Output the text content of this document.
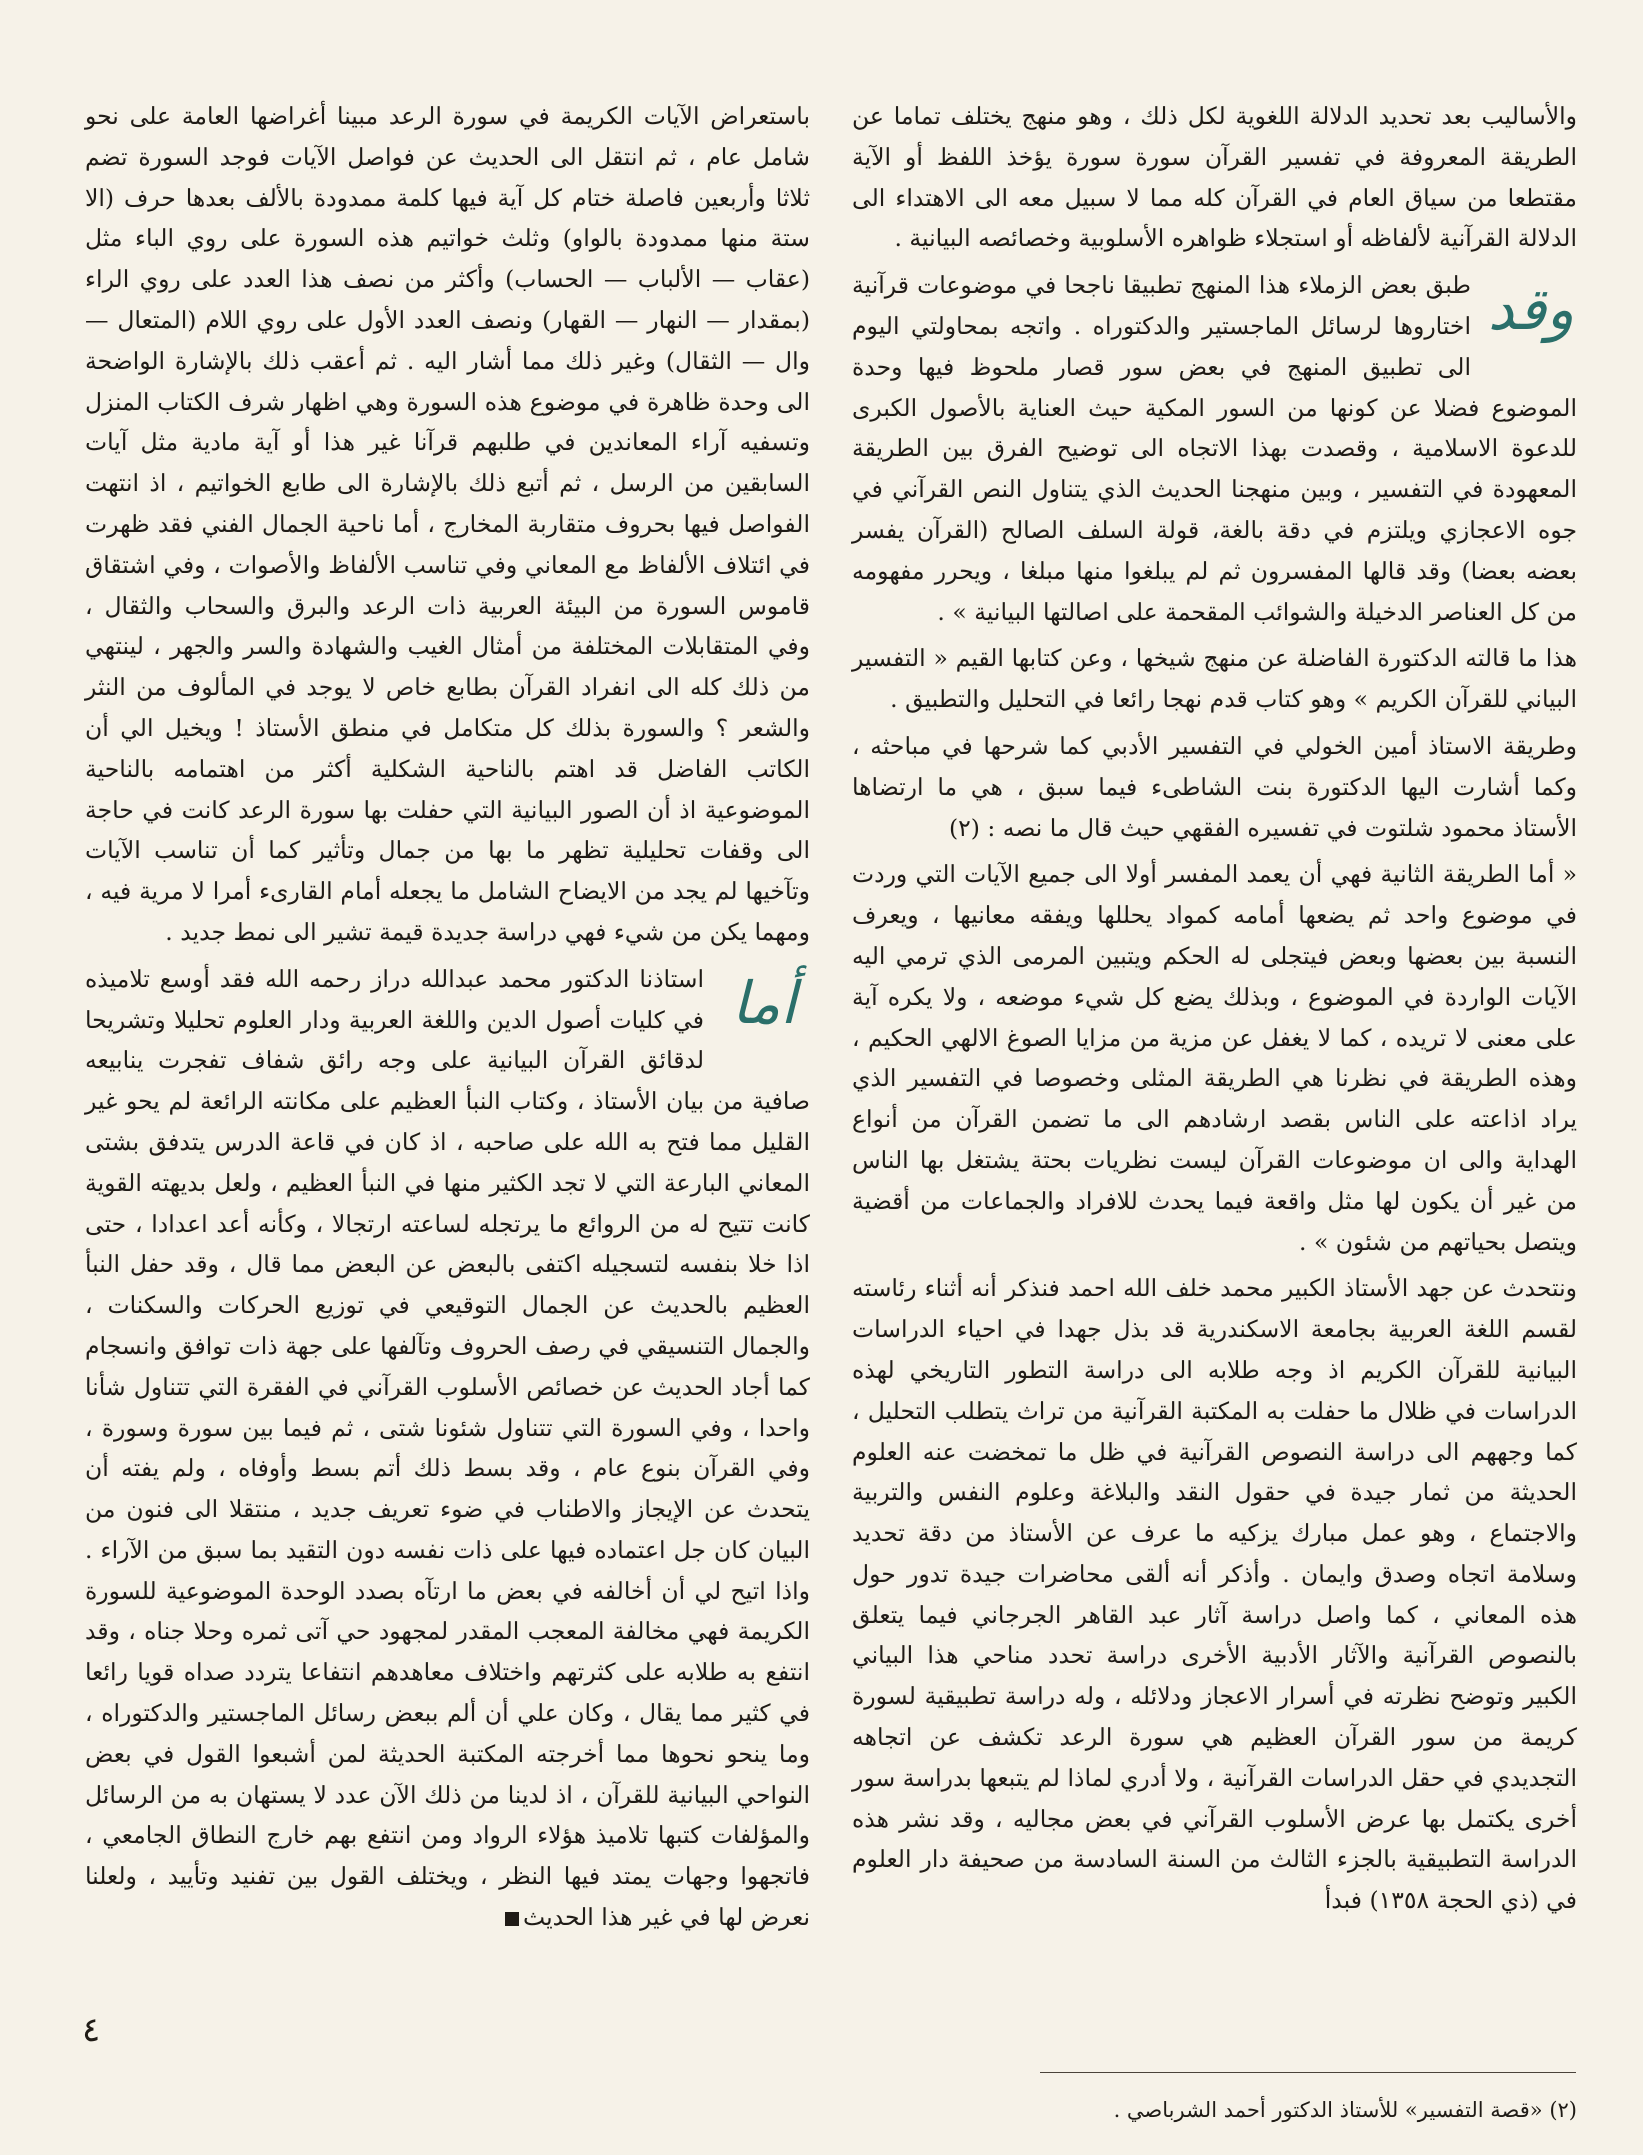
والأساليب بعد تحديد الدلالة اللغوية لكل ذلك ، وهو منهج يختلف تماما عن الطريقة المعروفة في تفسير القرآن سورة سورة يؤخذ اللفظ أو الآية مقتطعا من سياق العام في القرآن كله مما لا سبيل معه الى الاهتداء الى الدلالة القرآنية لألفاظه أو استجلاء ظواهره الأسلوبية وخصائصه البيانية .

وقد

طبق بعض الزملاء هذا المنهج تطبيقا ناجحا في موضوعات قرآنية اختاروها لرسائل الماجستير والدكتوراه . واتجه بمحاولتي اليوم الى تطبيق المنهج في بعض سور قصار ملحوظ فيها وحدة الموضوع فضلا عن كونها من السور المكية حيث العناية بالأصول الكبرى للدعوة الاسلامية ، وقصدت بهذا الاتجاه الى توضيح الفرق بين الطريقة المعهودة في التفسير ، وبين منهجنا الحديث الذي يتناول النص القرآني في جوه الاعجازي ويلتزم في دقة بالغة، قولة السلف الصالح (القرآن يفسر بعضه بعضا) وقد قالها المفسرون ثم لم يبلغوا منها مبلغا ، ويحرر مفهومه من كل العناصر الدخيلة والشوائب المقحمة على اصالتها البيانية » .

هذا ما قالته الدكتورة الفاضلة عن منهج شيخها ، وعن كتابها القيم « التفسير البياني للقرآن الكريم » وهو كتاب قدم نهجا رائعا في التحليل والتطبيق .

وطريقة الاستاذ أمين الخولي في التفسير الأدبي كما شرحها في مباحثه ، وكما أشارت اليها الدكتورة بنت الشاطىء فيما سبق ، هي ما ارتضاها الأستاذ محمود شلتوت في تفسيره الفقهي حيث قال ما نصه : (٢)

« أما الطريقة الثانية فهي أن يعمد المفسر أولا الى جميع الآيات التي وردت في موضوع واحد ثم يضعها أمامه كمواد يحللها ويفقه معانيها ، ويعرف النسبة بين بعضها وبعض فيتجلى له الحكم ويتبين المرمى الذي ترمي اليه الآيات الواردة في الموضوع ، وبذلك يضع كل شيء موضعه ، ولا يكره آية على معنى لا تريده ، كما لا يغفل عن مزية من مزايا الصوغ الالهي الحكيم ، وهذه الطريقة في نظرنا هي الطريقة المثلى وخصوصا في التفسير الذي يراد اذاعته على الناس بقصد ارشادهم الى ما تضمن القرآن من أنواع الهداية والى ان موضوعات القرآن ليست نظريات بحتة يشتغل بها الناس من غير أن يكون لها مثل واقعة فيما يحدث للافراد والجماعات من أقضية ويتصل بحياتهم من شئون » .

ونتحدث عن جهد الأستاذ الكبير محمد خلف الله احمد فنذكر أنه أثناء رئاسته لقسم اللغة العربية بجامعة الاسكندرية قد بذل جهدا في احياء الدراسات البيانية للقرآن الكريم اذ وجه طلابه الى دراسة التطور التاريخي لهذه الدراسات في ظلال ما حفلت به المكتبة القرآنية من تراث يتطلب التحليل ، كما وجههم الى دراسة النصوص القرآنية في ظل ما تمخضت عنه العلوم الحديثة من ثمار جيدة في حقول النقد والبلاغة وعلوم النفس والتربية والاجتماع ، وهو عمل مبارك يزكيه ما عرف عن الأستاذ من دقة تحديد وسلامة اتجاه وصدق وايمان . وأذكر أنه ألقى محاضرات جيدة تدور حول هذه المعاني ، كما واصل دراسة آثار عبد القاهر الجرجاني فيما يتعلق بالنصوص القرآنية والآثار الأدبية الأخرى دراسة تحدد مناحي هذا البياني الكبير وتوضح نظرته في أسرار الاعجاز ودلائله ، وله دراسة تطبيقية لسورة كريمة من سور القرآن العظيم هي سورة الرعد تكشف عن اتجاهه التجديدي في حقل الدراسات القرآنية ، ولا أدري لماذا لم يتبعها بدراسة سور أخرى يكتمل بها عرض الأسلوب القرآني في بعض مجاليه ، وقد نشر هذه الدراسة التطبيقية بالجزء الثالث من السنة السادسة من صحيفة دار العلوم في (ذي الحجة ١٣٥٨) فبدأ

باستعراض الآيات الكريمة في سورة الرعد مبينا أغراضها العامة على نحو شامل عام ، ثم انتقل الى الحديث عن فواصل الآيات فوجد السورة تضم ثلاثا وأربعين فاصلة ختام كل آية فيها كلمة ممدودة بالألف بعدها حرف (الا ستة منها ممدودة بالواو) وثلث خواتيم هذه السورة على روي الباء مثل (عقاب — الألباب — الحساب) وأكثر من نصف هذا العدد على روي الراء (بمقدار — النهار — القهار) ونصف العدد الأول على روي اللام (المتعال — وال — الثقال) وغير ذلك مما أشار اليه . ثم أعقب ذلك بالإشارة الواضحة الى وحدة ظاهرة في موضوع هذه السورة وهي اظهار شرف الكتاب المنزل وتسفيه آراء المعاندين في طلبهم قرآنا غير هذا أو آية مادية مثل آيات السابقين من الرسل ، ثم أتبع ذلك بالإشارة الى طابع الخواتيم ، اذ انتهت الفواصل فيها بحروف متقاربة المخارج ، أما ناحية الجمال الفني فقد ظهرت في ائتلاف الألفاظ مع المعاني وفي تناسب الألفاظ والأصوات ، وفي اشتقاق قاموس السورة من البيئة العربية ذات الرعد والبرق والسحاب والثقال ، وفي المتقابلات المختلفة من أمثال الغيب والشهادة والسر والجهر ، لينتهي من ذلك كله الى انفراد القرآن بطابع خاص لا يوجد في المألوف من النثر والشعر ؟ والسورة بذلك كل متكامل في منطق الأستاذ ! ويخيل الي أن الكاتب الفاضل قد اهتم بالناحية الشكلية أكثر من اهتمامه بالناحية الموضوعية اذ أن الصور البيانية التي حفلت بها سورة الرعد كانت في حاجة الى وقفات تحليلية تظهر ما بها من جمال وتأثير كما أن تناسب الآيات وتآخيها لم يجد من الايضاح الشامل ما يجعله أمام القارىء أمرا لا مرية فيه ، ومهما يكن من شيء فهي دراسة جديدة قيمة تشير الى نمط جديد .

أما

استاذنا الدكتور محمد عبدالله دراز رحمه الله فقد أوسع تلاميذه في كليات أصول الدين واللغة العربية ودار العلوم تحليلا وتشريحا لدقائق القرآن البيانية على وجه رائق شفاف تفجرت ينابيعه صافية من بيان الأستاذ ، وكتاب النبأ العظيم على مكانته الرائعة لم يحو غير القليل مما فتح به الله على صاحبه ، اذ كان في قاعة الدرس يتدفق بشتى المعاني البارعة التي لا تجد الكثير منها في النبأ العظيم ، ولعل بديهته القوية كانت تتيح له من الروائع ما يرتجله لساعته ارتجالا ، وكأنه أعد اعدادا ، حتى اذا خلا بنفسه لتسجيله اكتفى بالبعض عن البعض مما قال ، وقد حفل النبأ العظيم بالحديث عن الجمال التوقيعي في توزيع الحركات والسكنات ، والجمال التنسيقي في رصف الحروف وتآلفها على جهة ذات توافق وانسجام كما أجاد الحديث عن خصائص الأسلوب القرآني في الفقرة التي تتناول شأنا واحدا ، وفي السورة التي تتناول شئونا شتى ، ثم فيما بين سورة وسورة ، وفي القرآن بنوع عام ، وقد بسط ذلك أتم بسط وأوفاه ، ولم يفته أن يتحدث عن الإيجاز والاطناب في ضوء تعريف جديد ، منتقلا الى فنون من البيان كان جل اعتماده فيها على ذات نفسه دون التقيد بما سبق من الآراء . واذا اتيح لي أن أخالفه في بعض ما ارتآه بصدد الوحدة الموضوعية للسورة الكريمة فهي مخالفة المعجب المقدر لمجهود حي آتى ثمره وحلا جناه ، وقد انتفع به طلابه على كثرتهم واختلاف معاهدهم انتفاعا يتردد صداه قويا رائعا في كثير مما يقال ، وكان علي أن ألم ببعض رسائل الماجستير والدكتوراه ، وما ينحو نحوها مما أخرجته المكتبة الحديثة لمن أشبعوا القول في بعض النواحي البيانية للقرآن ، اذ لدينا من ذلك الآن عدد لا يستهان به من الرسائل والمؤلفات كتبها تلاميذ هؤلاء الرواد ومن انتفع بهم خارج النطاق الجامعي ، فاتجهوا وجهات يمتد فيها النظر ، ويختلف القول بين تفنيد وتأييد ، ولعلنا نعرض لها في غير هذا الحديث

٤
(٢) «قصة التفسير» للأستاذ الدكتور أحمد الشرباصي .
